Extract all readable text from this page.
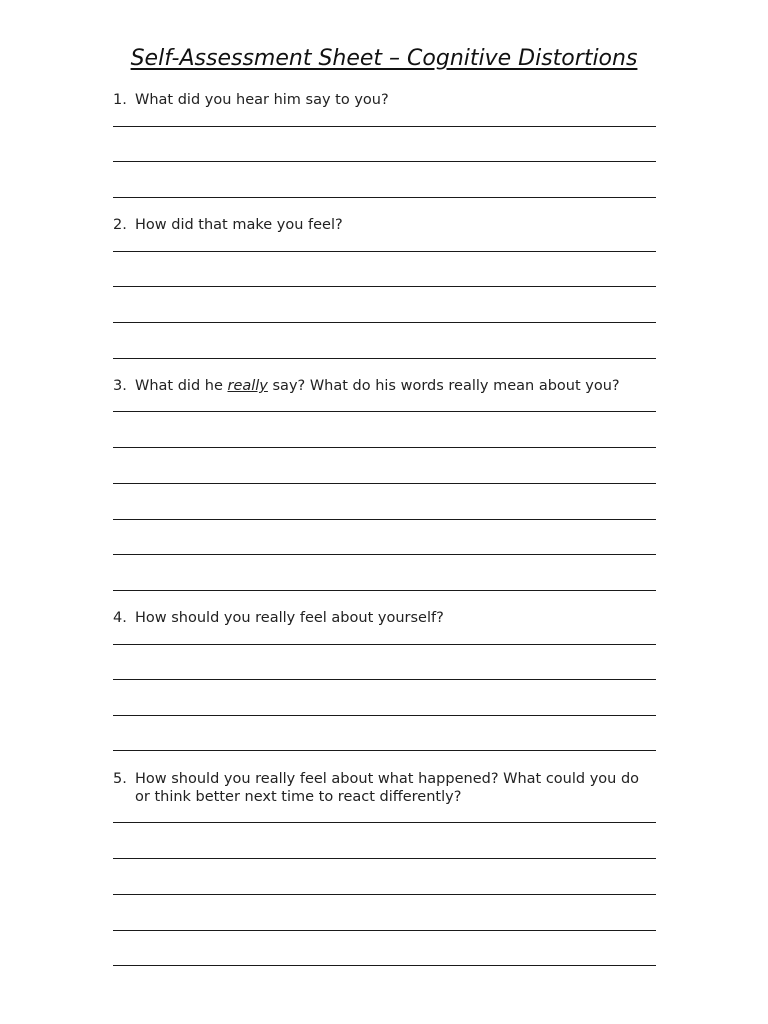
Self-Assessment Sheet – Cognitive Distortions
1. What did you hear him say to you?
2. How did that make you feel?
3. What did he really say? What do his words really mean about you?
4. How should you really feel about yourself?
5. How should you really feel about what happened? What could you do or think better next time to react differently?
